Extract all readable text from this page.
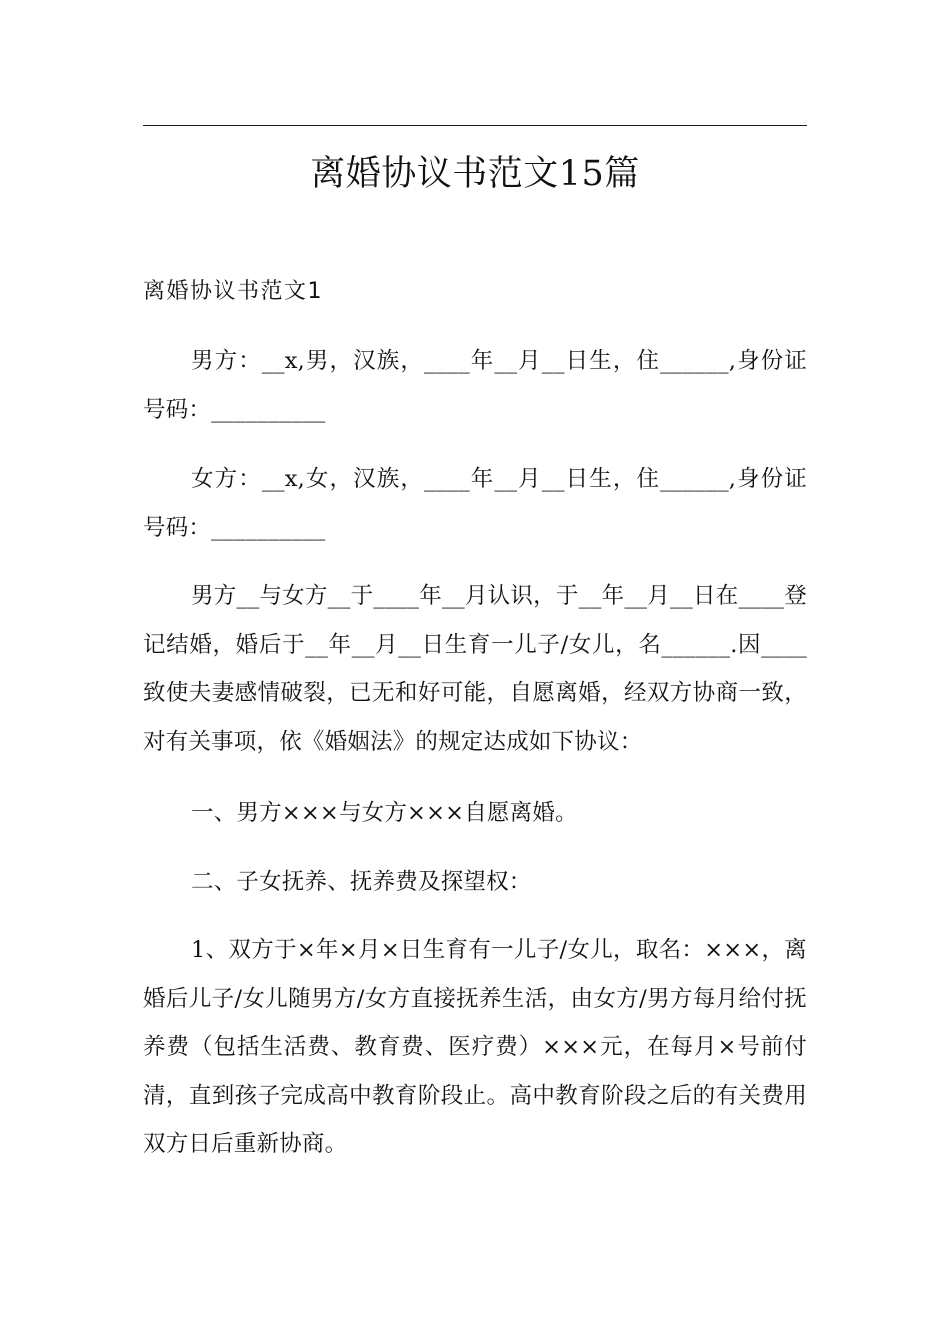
离婚协议书范文15篇
离婚协议书范文1

男方：__x,男，汉族，____年__月__日生，住______,身份证号码：__________

女方：__x,女，汉族，____年__月__日生，住______,身份证号码：__________

男方__与女方__于____年__月认识，于__年__月__日在____登记结婚，婚后于__年__月__日生育一儿子/女儿，名______.因____致使夫妻感情破裂，已无和好可能，自愿离婚，经双方协商一致，对有关事项，依《婚姻法》的规定达成如下协议：

一、男方×××与女方×××自愿离婚。

二、子女抚养、抚养费及探望权：

1、双方于×年×月×日生育有一儿子/女儿，取名：×××，离婚后儿子/女儿随男方/女方直接抚养生活，由女方/男方每月给付抚养费（包括生活费、教育费、医疗费）×××元，在每月×号前付清，直到孩子完成高中教育阶段止。高中教育阶段之后的有关费用双方日后重新协商。
